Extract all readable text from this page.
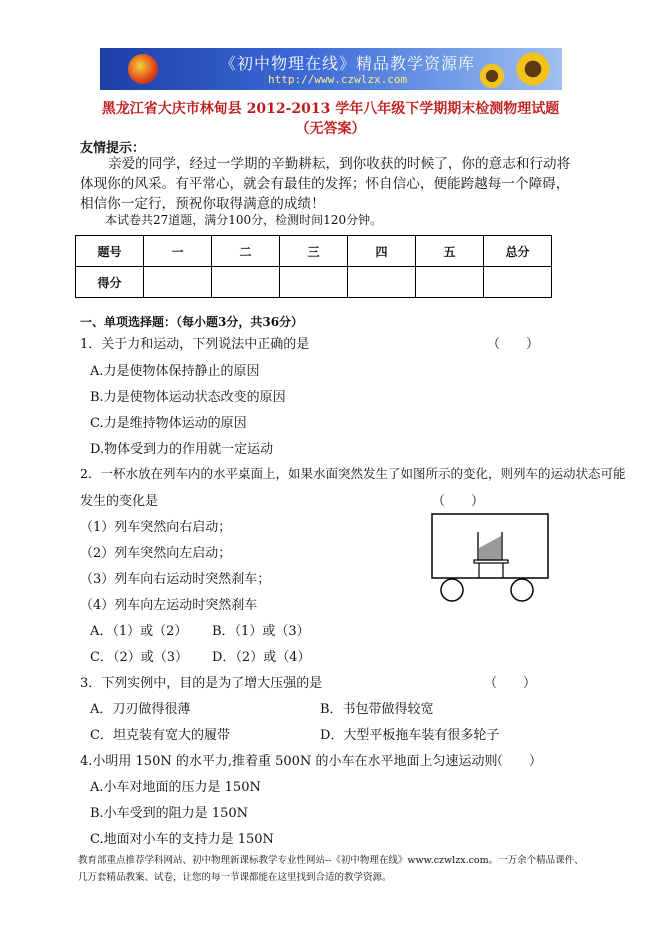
《初中物理在线》精品教学资源库
http://www.czwlzx.com
黑龙江省大庆市林甸县 2012-2013 学年八年级下学期期末检测物理试题
（无答案）
友情提示：
亲爱的同学，经过一学期的辛勤耕耘，到你收获的时候了，你的意志和行动将体现你的风采。有平常心，就会有最佳的发挥；怀自信心，便能跨越每一个障碍，相信你一定行，预祝你取得满意的成绩！
本试卷共27道题，满分100分，检测时间120分钟。
题号	一	二	三	四	五	总分
得分						
一、单项选择题：（每小题3分，共36分）
1．关于力和运动，下列说法中正确的是	（　　）
A.力是使物体保持静止的原因
B.力是使物体运动状态改变的原因
C.力是维持物体运动的原因
D.物体受到力的作用就一定运动
2．一杯水放在列车内的水平桌面上，如果水面突然发生了如图所示的变化，则列车的运动状态可能
发生的变化是	（　　）
（1）列车突然向右启动；
（2）列车突然向左启动；
（3）列车向右运动时突然刹车；
（4）列车向左运动时突然刹车
A．（1）或（2） B．（1）或（3）
C．（2）或（3） D．（2）或（4）
3．下列实例中，目的是为了增大压强的是	（　　）
A．刀刃做得很薄	B．书包带做得较宽
C．坦克装有宽大的履带	D．大型平板拖车装有很多轮子
4.小明用 150N 的水平力,推着重 500N 的小车在水平地面上匀速运动则
（　　）
A.小车对地面的压力是 150N
B.小车受到的阻力是 150N
C.地面对小车的支持力是 150N
教育部重点推荐学科网站、初中物理新课标教学专业性网站--《初中物理在线》www.czwlzx.com。一万余个精品课件、
几万套精品教案、试卷，让您的每一节课都能在这里找到合适的教学资源。
